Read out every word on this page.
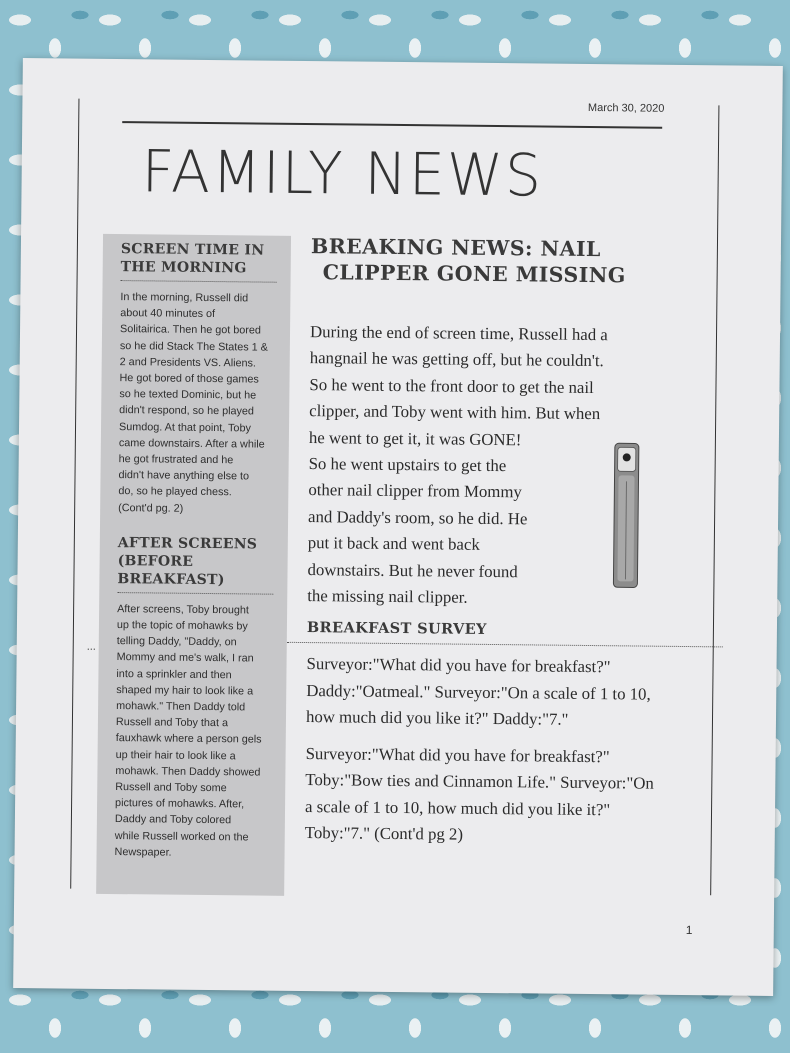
March 30, 2020
FAMILY NEWS
SCREEN TIME IN THE MORNING
In the morning, Russell did
about 40 minutes of
Solitairica. Then he got bored
so he did Stack The States 1 &
2 and Presidents VS. Aliens.
He got bored of those games
so he texted Dominic, but he
didn't respond, so he played
Sumdog. At that point, Toby
came downstairs. After a while
he got frustrated and he
didn't have anything else to
do, so he played chess.
(Cont'd pg. 2)
AFTER SCREENS (BEFORE BREAKFAST)
After screens, Toby brought
up the topic of mohawks by
telling Daddy, "Daddy, on
Mommy and me's walk, I ran
into a sprinkler and then
shaped my hair to look like a
mohawk." Then Daddy told
Russell and Toby that a
fauxhawk where a person gels
up their hair to look like a
mohawk. Then Daddy showed
Russell and Toby some
pictures of mohawks. After,
Daddy and Toby colored
while Russell worked on the
Newspaper.
...
BREAKING NEWS: NAIL
CLIPPER GONE MISSING
During the end of screen time, Russell had a
hangnail he was getting off, but he couldn't.
So he went to the front door to get the nail
clipper, and Toby went with him. But when
he went to get it, it was GONE!
So he went upstairs to get the
other nail clipper from Mommy
and Daddy's room, so he did. He
put it back and went back
downstairs. But he never found
the missing nail clipper.
BREAKFAST SURVEY
Surveyor:"What did you have for breakfast?"
Daddy:"Oatmeal." Surveyor:"On a scale of 1 to 10,
how much did you like it?" Daddy:"7."
Surveyor:"What did you have for breakfast?"
Toby:"Bow ties and Cinnamon Life." Surveyor:"On
a scale of 1 to 10, how much did you like it?"
Toby:"7." (Cont'd pg 2)
1
